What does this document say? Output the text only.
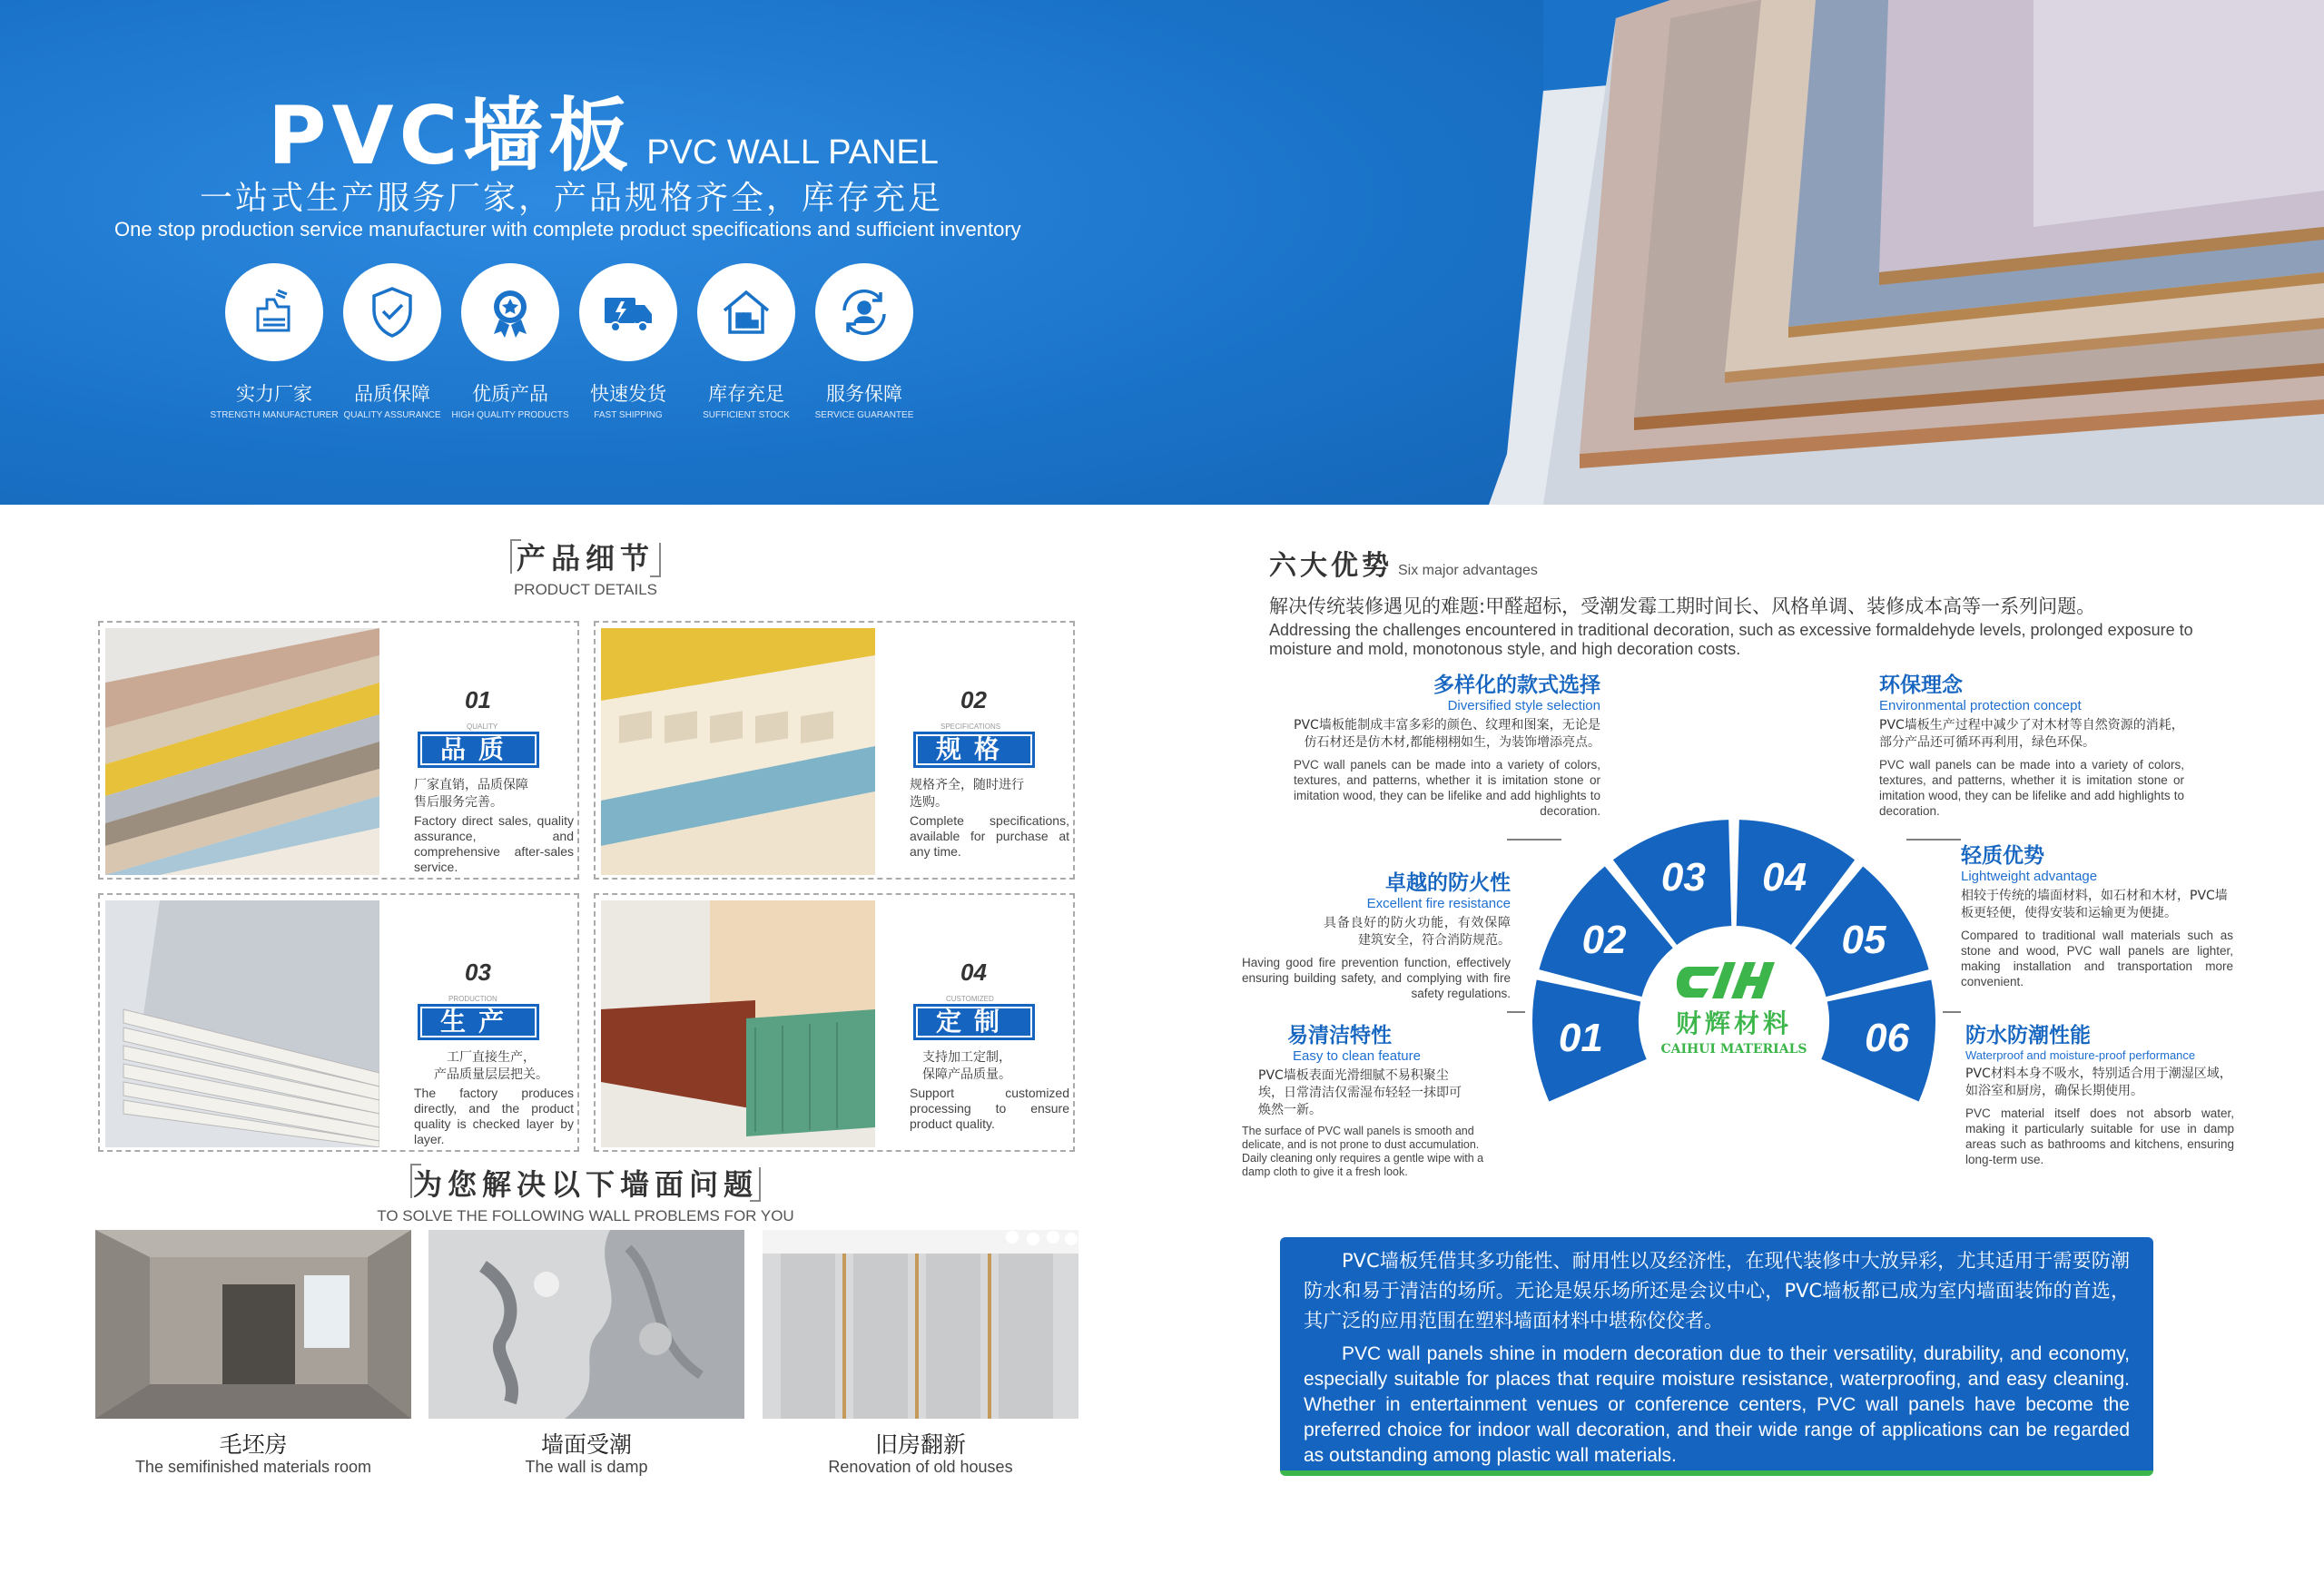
PVC墙板 PVC WALL PANEL
一站式生产服务厂家，产品规格齐全，库存充足
One stop production service manufacturer with complete product specifications and sufficient inventory
实力厂家
STRENGTH MANUFACTURER
品质保障
QUALITY ASSURANCE
优质产品
HIGH QUALITY PRODUCTS
快速发货
FAST SHIPPING
库存充足
SUFFICIENT STOCK
服务保障
SERVICE GUARANTEE
产品细节
PRODUCT DETAILS
01
QUALITY
品质
厂家直销，品质保障
售后服务完善。
Factory direct sales, quality assurance, and comprehensive after-sales service.
02
SPECIFICATIONS
规格
规格齐全，随时进行
选购。
Complete specifications, available for purchase at any time.
03
PRODUCTION
生产
工厂直接生产，
产品质量层层把关。
The factory produces directly, and the product quality is checked layer by layer.
04
CUSTOMIZED
定制
支持加工定制，
保障产品质量。
Support customized processing to ensure product quality.
为您解决以下墙面问题
TO SOLVE THE FOLLOWING WALL PROBLEMS FOR YOU
毛坯房
The semifinished materials room
墙面受潮
The wall is damp
旧房翻新
Renovation of old houses
六大优势 Six major advantages
解决传统装修遇见的难题:甲醛超标，受潮发霉工期时间长、风格单调、装修成本高等一系列问题。
Addressing the challenges encountered in traditional decoration, such as excessive formaldehyde levels, prolonged exposure to moisture and mold, monotonous style, and high decoration costs.
多样化的款式选择
Diversified style selection
PVC墙板能制成丰富多彩的颜色、纹理和图案，无论是仿石材还是仿木材,都能栩栩如生，为装饰增添亮点。
PVC wall panels can be made into a variety of colors, textures, and patterns, whether it is imitation stone or imitation wood, they can be lifelike and add highlights to decoration.
环保理念
Environmental protection concept
PVC墙板生产过程中减少了对木材等自然资源的消耗，部分产品还可循环再利用，绿色环保。
PVC wall panels can be made into a variety of colors, textures, and patterns, whether it is imitation stone or imitation wood, they can be lifelike and add highlights to decoration.
卓越的防火性
Excellent fire resistance
具备良好的防火功能，有效保障建筑安全，符合消防规范。
Having good fire prevention function, effectively ensuring building safety, and complying with fire safety regulations.
轻质优势
Lightweight advantage
相较于传统的墙面材料，如石材和木材，PVC墙板更轻便，使得安装和运输更为便捷。
Compared to traditional wall materials such as stone and wood, PVC wall panels are lighter, making installation and transportation more convenient.
易清洁特性
Easy to clean feature
PVC墙板表面光滑细腻不易积聚尘埃，日常清洁仅需湿布轻轻一抹即可焕然一新。
The surface of PVC wall panels is smooth and delicate, and is not prone to dust accumulation. Daily cleaning only requires a gentle wipe with a damp cloth to give it a fresh look.
防水防潮性能
Waterproof and moisture-proof performance
PVC材料本身不吸水，特别适合用于潮湿区域，如浴室和厨房，确保长期使用。
PVC material itself does not absorb water, making it particularly suitable for use in damp areas such as bathrooms and kitchens, ensuring long-term use.
01
02
03 04
05
06
财辉材料
CAIHUI MATERIALS
PVC墙板凭借其多功能性、耐用性以及经济性，在现代装修中大放异彩，尤其适用于需要防潮防水和易于清洁的场所。无论是娱乐场所还是会议中心，PVC墙板都已成为室内墙面装饰的首选，其广泛的应用范围在塑料墙面材料中堪称佼佼者。
PVC wall panels shine in modern decoration due to their versatility, durability, and economy, especially suitable for places that require moisture resistance, waterproofing, and easy cleaning. Whether in entertainment venues or conference centers, PVC wall panels have become the preferred choice for indoor wall decoration, and their wide range of applications can be regarded as outstanding among plastic wall materials.
